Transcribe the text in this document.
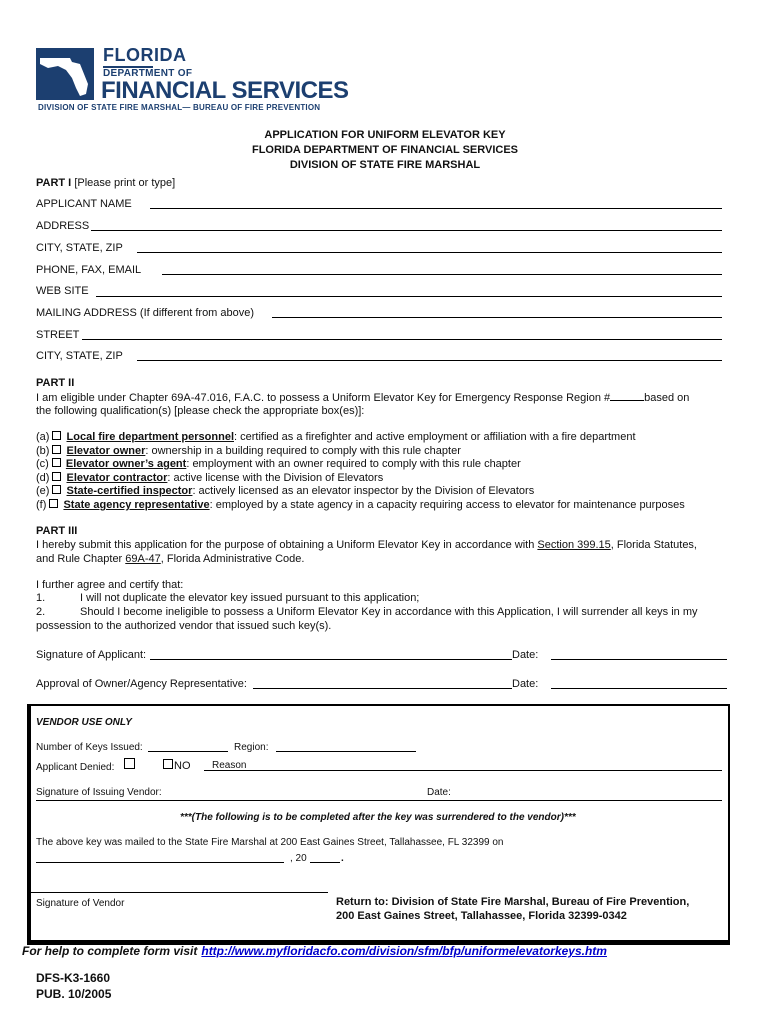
FLORIDA
DEPARTMENT OF
FINANCIAL SERVICES
DIVISION OF STATE FIRE MARSHAL— BUREAU OF FIRE PREVENTION
APPLICATION FOR UNIFORM ELEVATOR KEY
FLORIDA DEPARTMENT OF FINANCIAL SERVICES
DIVISION OF STATE FIRE MARSHAL
PART I [Please print or type]
APPLICANT NAME
ADDRESS
CITY, STATE, ZIP
PHONE, FAX, EMAIL
WEB SITE
MAILING ADDRESS (If different from above)
STREET
CITY, STATE, ZIP
PART II
I am eligible under Chapter 69A-47.016, F.A.C. to possess a Uniform Elevator Key for Emergency Response Region #	based on
the following qualification(s) [please check the appropriate box(es)]:
(a) Local fire department personnel: certified as a firefighter and active employment or affiliation with a fire department
(b) Elevator owner: ownership in a building required to comply with this rule chapter
(c) Elevator owner’s agent: employment with an owner required to comply with this rule chapter
(d) Elevator contractor: active license with the Division of Elevators
(e) State-certified inspector: actively licensed as an elevator inspector by the Division of Elevators
(f) State agency representative: employed by a state agency in a capacity requiring access to elevator for maintenance purposes
PART III
I hereby submit this application for the purpose of obtaining a Uniform Elevator Key in accordance with Section 399.15, Florida Statutes,
and Rule Chapter 69A-47, Florida Administrative Code.
I further agree and certify that:
1.	I will not duplicate the elevator key issued pursuant to this application;
2.	Should I become ineligible to possess a Uniform Elevator Key in accordance with this Application, I will surrender all keys in my
possession to the authorized vendor that issued such key(s).
Signature of Applicant:	Date:
Approval of Owner/Agency Representative:	Date:
VENDOR USE ONLY
Number of Keys Issued:	Region:
Applicant Denied:	NO Reason
Signature of Issuing Vendor:	Date:
***(The following is to be completed after the key was surrendered to the vendor)***
The above key was mailed to the State Fire Marshal at 200 East Gaines Street, Tallahassee, FL 32399 on
, 20	.
Signature of Vendor	Return to: Division of State Fire Marshal, Bureau of Fire Prevention,
200 East Gaines Street, Tallahassee, Florida 32399-0342
For help to complete form visit http://www.myfloridacfo.com/division/sfm/bfp/uniformelevatorkeys.htm
DFS-K3-1660
PUB. 10/2005
